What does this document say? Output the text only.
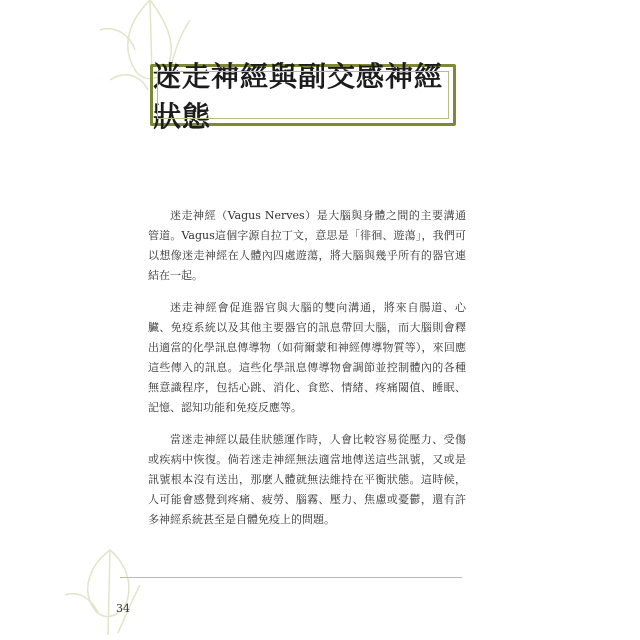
迷走神經與副交感神經狀態

迷走神經（Vagus Nerves）是大腦與身體之間的主要溝通管道。Vagus這個字源自拉丁文，意思是「徘徊、遊蕩」，我們可以想像迷走神經在人體內四處遊蕩，將大腦與幾乎所有的器官連結在一起。

迷走神經會促進器官與大腦的雙向溝通，將來自腸道、心臟、免疫系統以及其他主要器官的訊息帶回大腦，而大腦則會釋出適當的化學訊息傳導物（如荷爾蒙和神經傳導物質等），來回應這些傳入的訊息。這些化學訊息傳導物會調節並控制體內的各種無意識程序，包括心跳、消化、食慾、情緒、疼痛閾值、睡眠、記憶、認知功能和免疫反應等。

當迷走神經以最佳狀態運作時，人會比較容易從壓力、受傷或疾病中恢復。倘若迷走神經無法適當地傳送這些訊號，又或是訊號根本沒有送出，那麼人體就無法維持在平衡狀態。這時候，人可能會感覺到疼痛、疲勞、腦霧、壓力、焦慮或憂鬱，還有許多神經系統甚至是自體免疫上的問題。

34
